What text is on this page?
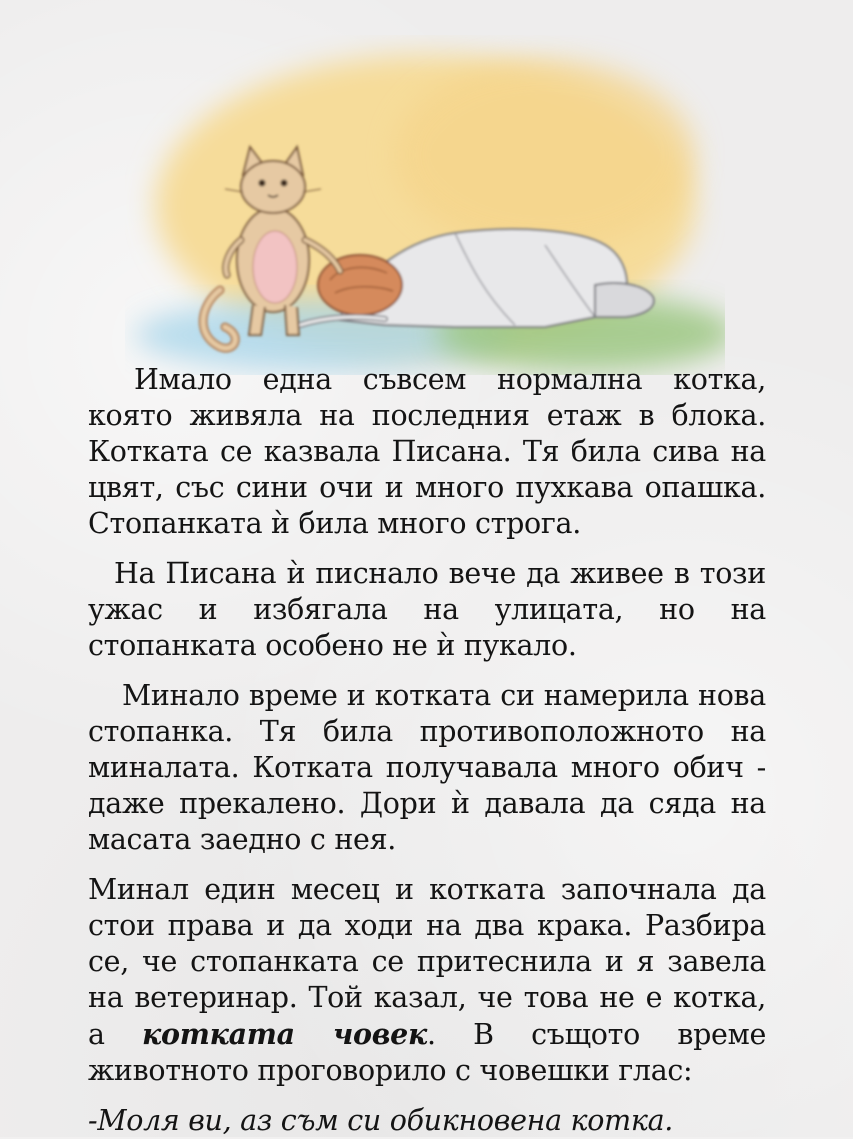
Имало една съвсем нормална котка, която живяла на последния етаж в блока. Котката се казвала Писана. Тя била сива на цвят, със сини очи и много пухкава опашка. Стопанката ѝ била много строга.

На Писана ѝ писнало вече да живее в този ужас и избягала на улицата, но на стопанката особено не ѝ пукало.

Минало време и котката си намерила нова стопанка. Тя била противоположното на миналата. Котката получавала много обич - даже прекалено. Дори ѝ давала да сяда на масата заедно с нея.

Минал един месец и котката започнала да стои права и да ходи на два крака. Разбира се, че стопанката се притеснила и я завела на ветеринар. Той казал, че това не е котка, а котката човек. В същото време животното проговорило с човешки глас:

-Моля ви, аз съм си обикновена котка.
